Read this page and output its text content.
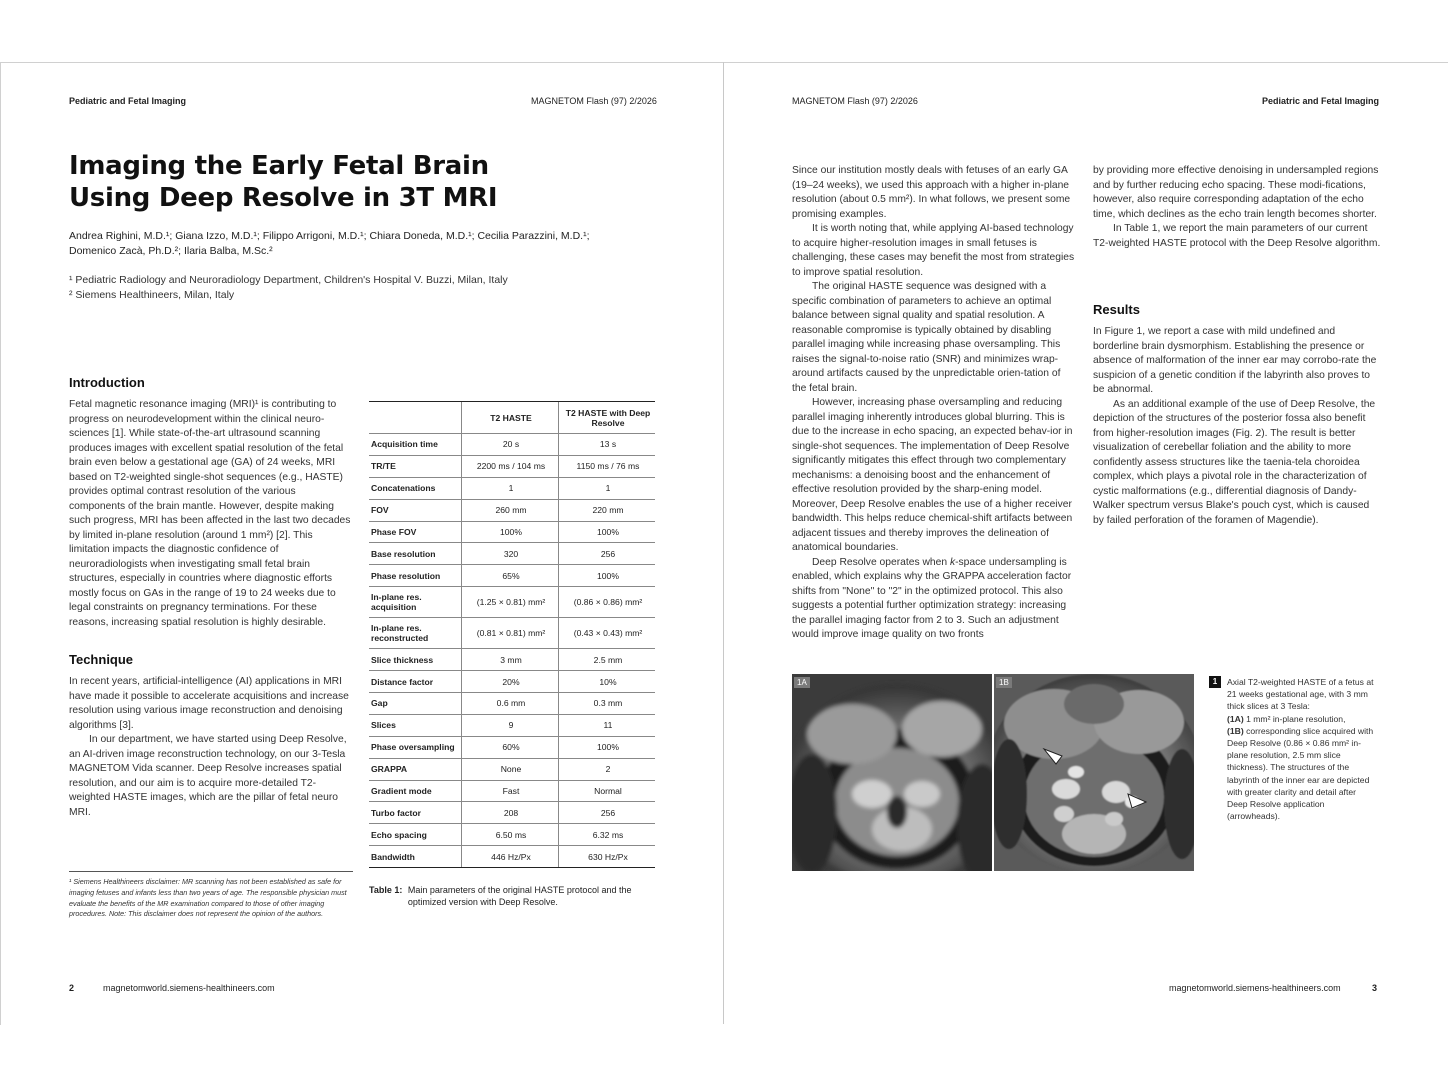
Pediatric and Fetal Imaging	MAGNETOM Flash (97) 2/2026
Imaging the Early Fetal Brain
Using Deep Resolve in 3T MRI
Andrea Righini, M.D.¹; Giana Izzo, M.D.¹; Filippo Arrigoni, M.D.¹; Chiara Doneda, M.D.¹; Cecilia Parazzini, M.D.¹;
Domenico Zacà, Ph.D.²; Ilaria Balba, M.Sc.²
¹ Pediatric Radiology and Neuroradiology Department, Children's Hospital V. Buzzi, Milan, Italy
² Siemens Healthineers, Milan, Italy
Introduction

Fetal magnetic resonance imaging (MRI)¹ is contributing to progress on neurodevelopment within the clinical neuro-sciences [1]. While state-of-the-art ultrasound scanning produces images with excellent spatial resolution of the fetal brain even below a gestational age (GA) of 24 weeks, MRI based on T2-weighted single-shot sequences (e.g., HASTE) provides optimal contrast resolution of the various components of the brain mantle. However, despite making such progress, MRI has been affected in the last two decades by limited in-plane resolution (around 1 mm²) [2]. This limitation impacts the diagnostic confidence of neuroradiologists when investigating small fetal brain structures, especially in countries where diagnostic efforts mostly focus on GAs in the range of 19 to 24 weeks due to legal constraints on pregnancy terminations. For these reasons, increasing spatial resolution is highly desirable.

Technique

In recent years, artificial-intelligence (AI) applications in MRI have made it possible to accelerate acquisitions and increase resolution using various image reconstruction and denoising algorithms [3].

In our department, we have started using Deep Resolve, an AI-driven image reconstruction technology, on our 3-Tesla MAGNETOM Vida scanner. Deep Resolve increases spatial resolution, and our aim is to acquire more-detailed T2-weighted HASTE images, which are the pillar of fetal neuro MRI.

¹ Siemens Healthineers disclaimer: MR scanning has not been established as safe for imaging fetuses and infants less than two years of age. The responsible physician must evaluate the benefits of the MR examination compared to those of other imaging procedures. Note: This disclaimer does not represent the opinion of the authors.
	T2 HASTE	T2 HASTE with Deep Resolve
Acquisition time	20 s	13 s
TR/TE	2200 ms / 104 ms	1150 ms / 76 ms
Concatenations	1	1
FOV	260 mm	220 mm
Phase FOV	100%	100%
Base resolution	320	256
Phase resolution	65%	100%
In-plane res. acquisition	(1.25 × 0.81) mm²	(0.86 × 0.86) mm²
In-plane res. reconstructed	(0.81 × 0.81) mm²	(0.43 × 0.43) mm²
Slice thickness	3 mm	2.5 mm
Distance factor	20%	10%
Gap	0.6 mm	0.3 mm
Slices	9	11
Phase oversampling	60%	100%
GRAPPA	None	2
Gradient mode	Fast	Normal
Turbo factor	208	256
Echo spacing	6.50 ms	6.32 ms
Bandwidth	446 Hz/Px	630 Hz/Px
Table 1: Main parameters of the original HASTE protocol and the optimized version with Deep Resolve.
2	magnetomworld.siemens-healthineers.com
MAGNETOM Flash (97) 2/2026	Pediatric and Fetal Imaging

Since our institution mostly deals with fetuses of an early GA (19–24 weeks), we used this approach with a higher in-plane resolution (about 0.5 mm²). In what follows, we present some promising examples.

It is worth noting that, while applying AI-based technology to acquire higher-resolution images in small fetuses is challenging, these cases may benefit the most from strategies to improve spatial resolution.

The original HASTE sequence was designed with a specific combination of parameters to achieve an optimal balance between signal quality and spatial resolution. A reasonable compromise is typically obtained by disabling parallel imaging while increasing phase oversampling. This raises the signal-to-noise ratio (SNR) and minimizes wrap-around artifacts caused by the unpredictable orien-tation of the fetal brain.

However, increasing phase oversampling and reducing parallel imaging inherently introduces global blurring. This is due to the increase in echo spacing, an expected behav-ior in single-shot sequences. The implementation of Deep Resolve significantly mitigates this effect through two complementary mechanisms: a denoising boost and the enhancement of effective resolution provided by the sharp-ening model. Moreover, Deep Resolve enables the use of a higher receiver bandwidth. This helps reduce chemical-shift artifacts between adjacent tissues and thereby improves the delineation of anatomical boundaries.

Deep Resolve operates when k-space undersampling is enabled, which explains why the GRAPPA acceleration factor shifts from "None" to "2" in the optimized protocol. This also suggests a potential further optimization strategy: increasing the parallel imaging factor from 2 to 3. Such an adjustment would improve image quality on two fronts

by providing more effective denoising in undersampled regions and by further reducing echo spacing. These modi-fications, however, also require corresponding adaptation of the echo time, which declines as the echo train length becomes shorter.

In Table 1, we report the main parameters of our current T2-weighted HASTE protocol with the Deep Resolve algorithm.

Results

In Figure 1, we report a case with mild undefined and borderline brain dysmorphism. Establishing the presence or absence of malformation of the inner ear may corrobo-rate the suspicion of a genetic condition if the labyrinth also proves to be abnormal.

As an additional example of the use of Deep Resolve, the depiction of the structures of the posterior fossa also benefit from higher-resolution images (Fig. 2). The result is better visualization of cerebellar foliation and the ability to more confidently assess structures like the taenia-tela choroidea complex, which plays a pivotal role in the characterization of cystic malformations (e.g., differential diagnosis of Dandy-Walker spectrum versus Blake's pouch cyst, which is caused by failed perforation of the foramen of Magendie).

1A	1B	1	Axial T2-weighted HASTE of a fetus at 21 weeks gestational age, with 3 mm thick slices at 3 Tesla:
(1A) 1 mm² in-plane resolution,
(1B) corresponding slice acquired with Deep Resolve (0.86 × 0.86 mm² in-plane resolution, 2.5 mm slice thickness). The structures of the labyrinth of the inner ear are depicted with greater clarity and detail after Deep Resolve application (arrowheads).
magnetomworld.siemens-healthineers.com	3
